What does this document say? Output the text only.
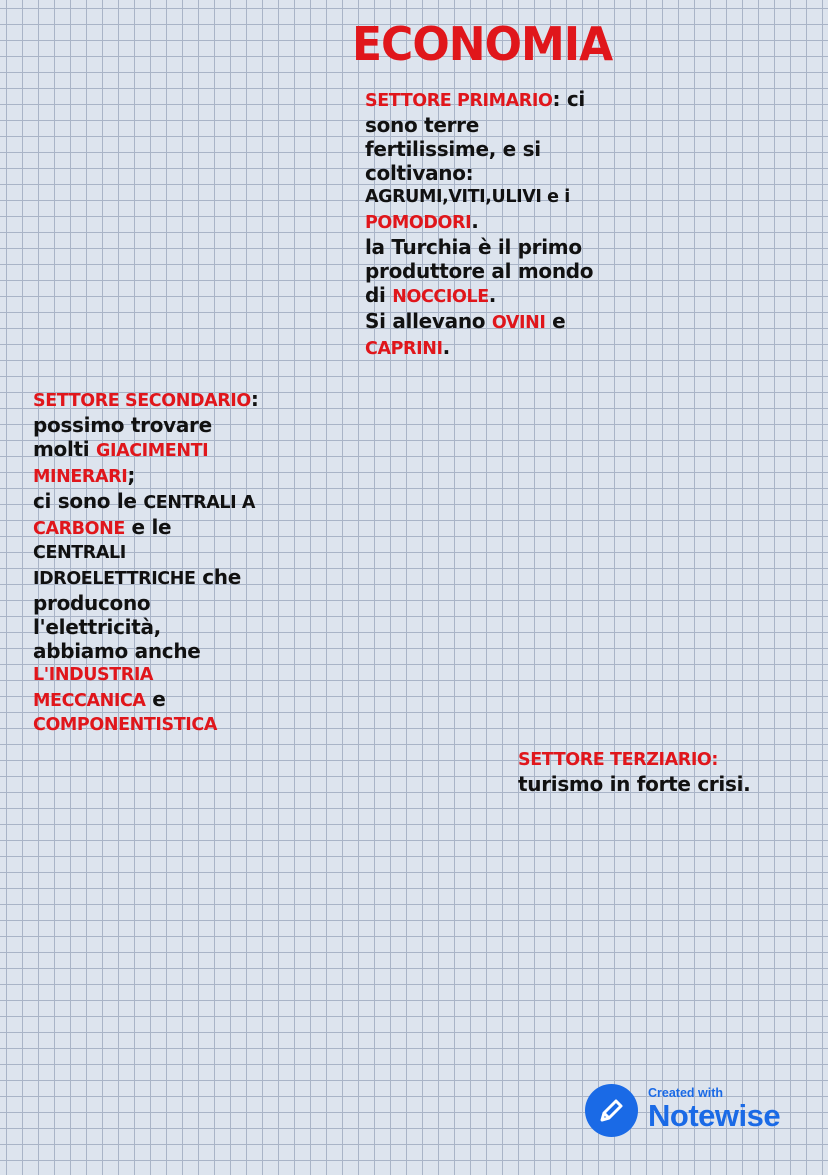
ECONOMIA
SETTORE PRIMARIO: ci
sono terre
fertilissime, e si
coltivano:
AGRUMI,VITI,ULIVI e i
POMODORI.
la Turchia è il primo
produttore al mondo
di NOCCIOLE.
Si allevano OVINI e
CAPRINI.
SETTORE SECONDARIO:
possimo trovare
molti GIACIMENTI
MINERARI;
ci sono le CENTRALI A
CARBONE e le
CENTRALI
IDROELETTRICHE che
producono
l'elettricità,
abbiamo anche
L'INDUSTRIA
MECCANICA e
COMPONENTISTICA
SETTORE TERZIARIO:
turismo in forte crisi.
Created with
Notewise
